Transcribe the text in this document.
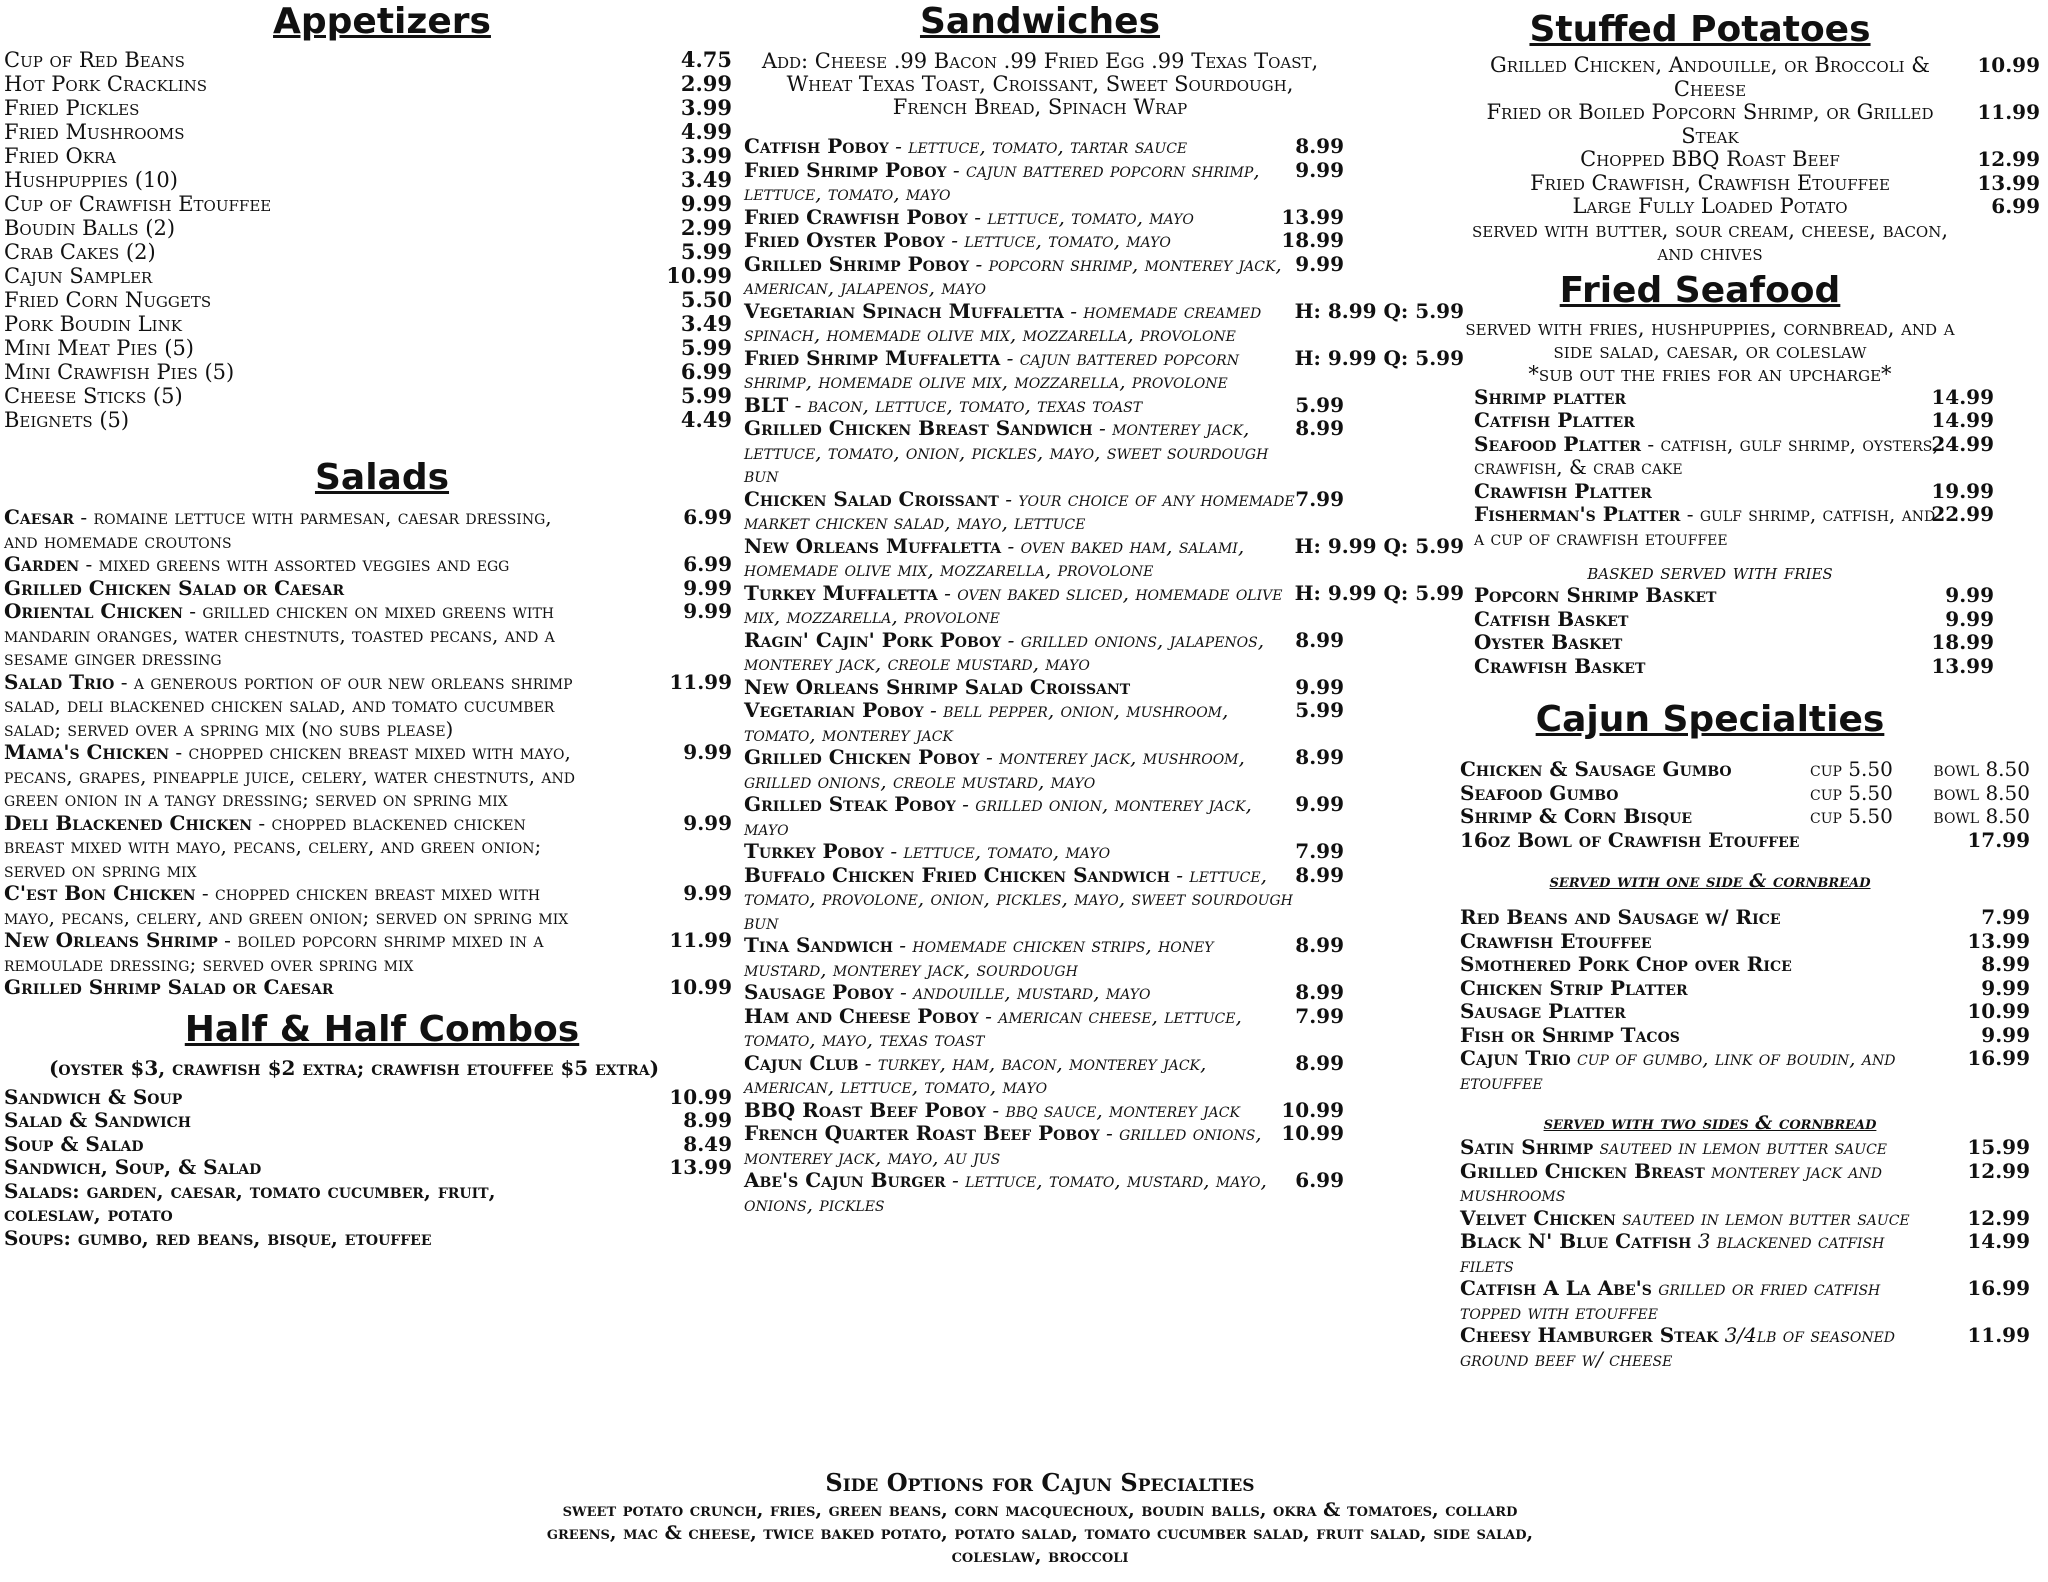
Appetizers
Cup of Red Beans	4.75
Hot Pork Cracklins	2.99
Fried Pickles	3.99
Fried Mushrooms	4.99
Fried Okra	3.99
Hushpuppies (10)	3.49
Cup of Crawfish Etouffee	9.99
Boudin Balls (2)	2.99
Crab Cakes (2)	5.99
Cajun Sampler	10.99
Fried Corn Nuggets	5.50
Pork Boudin Link	3.49
Mini Meat Pies (5)	5.99
Mini Crawfish Pies (5)	6.99
Cheese Sticks (5)	5.99
Beignets (5)	4.49
Salads
Caesar - romaine lettuce with parmesan, caesar dressing, and homemade croutons
6.99
Garden - mixed greens with assorted veggies and egg	6.99
Grilled Chicken Salad or Caesar	9.99
Oriental Chicken - grilled chicken on mixed greens with mandarin oranges, water chestnuts, toasted pecans, and a sesame ginger dressing
9.99
Salad Trio - a generous portion of our new orleans shrimp salad, deli blackened chicken salad, and tomato cucumber salad; served over a spring mix (no subs please)
11.99
Mama's Chicken - chopped chicken breast mixed with mayo, pecans, grapes, pineapple juice, celery, water chestnuts, and green onion in a tangy dressing; served on spring mix
9.99
Deli Blackened Chicken - chopped blackened chicken breast mixed with mayo, pecans, celery, and green onion; served on spring mix
9.99
C'est Bon Chicken - chopped chicken breast mixed with mayo, pecans, celery, and green onion; served on spring mix
9.99
New Orleans Shrimp - boiled popcorn shrimp mixed in a remoulade dressing; served over spring mix
11.99
Grilled Shrimp Salad or Caesar	10.99
Half & Half Combos
(oyster $3, crawfish $2 extra; crawfish etouffee $5 extra)
Sandwich & Soup	10.99
Salad & Sandwich	8.99
Soup & Salad	8.49
Sandwich, Soup, & Salad	13.99
Salads: garden, caesar, tomato cucumber, fruit, coleslaw, potato
Soups: gumbo, red beans, bisque, etouffee
Sandwiches
Add: Cheese .99 Bacon .99 Fried Egg .99 Texas Toast, Wheat Texas Toast, Croissant, Sweet Sourdough, French Bread, Spinach Wrap
Catfish Poboy - lettuce, tomato, tartar sauce	8.99
Fried Shrimp Poboy - cajun battered popcorn shrimp, lettuce, tomato, mayo
9.99
Fried Crawfish Poboy - lettuce, tomato, mayo	13.99
Fried Oyster Poboy - lettuce, tomato, mayo	18.99
Grilled Shrimp Poboy - popcorn shrimp, monterey jack, american, jalapenos, mayo
9.99
Vegetarian Spinach Muffaletta - homemade creamed spinach, homemade olive mix, mozzarella, provolone
H: 8.99 Q: 5.99
Fried Shrimp Muffaletta - cajun battered popcorn shrimp, homemade olive mix, mozzarella, provolone
H: 9.99 Q: 5.99
BLT - bacon, lettuce, tomato, texas toast	5.99
Grilled Chicken Breast Sandwich - monterey jack, lettuce, tomato, onion, pickles, mayo, sweet sourdough bun
8.99
Chicken Salad Croissant - your choice of any homemade market chicken salad, mayo, lettuce
7.99
New Orleans Muffaletta - oven baked ham, salami, homemade olive mix, mozzarella, provolone
H: 9.99 Q: 5.99
Turkey Muffaletta - oven baked sliced, homemade olive mix, mozzarella, provolone
H: 9.99 Q: 5.99
Ragin' Cajin' Pork Poboy - grilled onions, jalapenos, monterey jack, creole mustard, mayo
8.99
New Orleans Shrimp Salad Croissant	9.99
Vegetarian Poboy - bell pepper, onion, mushroom, tomato, monterey jack
5.99
Grilled Chicken Poboy - monterey jack, mushroom, grilled onions, creole mustard, mayo
8.99
Grilled Steak Poboy - grilled onion, monterey jack, mayo
9.99
Turkey Poboy - lettuce, tomato, mayo	7.99
Buffalo Chicken Fried Chicken Sandwich - lettuce, tomato, provolone, onion, pickles, mayo, sweet sourdough bun
8.99
Tina Sandwich - homemade chicken strips, honey mustard, monterey jack, sourdough
8.99
Sausage Poboy - andouille, mustard, mayo	8.99
Ham and Cheese Poboy - american cheese, lettuce, tomato, mayo, texas toast
7.99
Cajun Club - turkey, ham, bacon, monterey jack, american, lettuce, tomato, mayo
8.99
BBQ Roast Beef Poboy - bbq sauce, monterey jack	10.99
French Quarter Roast Beef Poboy - grilled onions, monterey jack, mayo, au jus
10.99
Abe's Cajun Burger - lettuce, tomato, mustard, mayo, onions, pickles
6.99
Stuffed Potatoes
Grilled Chicken, Andouille, or Broccoli & Cheese
10.99
Fried or Boiled Popcorn Shrimp, or Grilled Steak
11.99
Chopped BBQ Roast Beef	12.99
Fried Crawfish, Crawfish Etouffee	13.99
Large Fully Loaded Potato	6.99
served with butter, sour cream, cheese, bacon, and chives
Fried Seafood
served with fries, hushpuppies, cornbread, and a side salad, caesar, or coleslaw
*sub out the fries for an upcharge*
Shrimp platter	14.99
Catfish Platter	14.99
Seafood Platter - catfish, gulf shrimp, oysters, crawfish, & crab cake
24.99
Crawfish Platter	19.99
Fisherman's Platter - gulf shrimp, catfish, and a cup of crawfish etouffee
22.99
basked served with fries
Popcorn Shrimp Basket	9.99
Catfish Basket	9.99
Oyster Basket	18.99
Crawfish Basket	13.99
Cajun Specialties
Chicken & Sausage Gumbo	cup 5.50 bowl 8.50
Seafood Gumbo	cup 5.50 bowl 8.50
Shrimp & Corn Bisque	cup 5.50 bowl 8.50
16oz Bowl of Crawfish Etouffee	17.99
served with one side & cornbread
Red Beans and Sausage w/ Rice	7.99
Crawfish Etouffee	13.99
Smothered Pork Chop over Rice	8.99
Chicken Strip Platter	9.99
Sausage Platter	10.99
Fish or Shrimp Tacos	9.99
Cajun Trio cup of gumbo, link of boudin, and etouffee
16.99
served with two sides & cornbread
Satin Shrimp sauteed in lemon butter sauce	15.99
Grilled Chicken Breast monterey jack and mushrooms
12.99
Velvet Chicken sauteed in lemon butter sauce	12.99
Black N' Blue Catfish 3 blackened catfish filets
14.99
Catfish A La Abe's grilled or fried catfish topped with etouffee
16.99
Cheesy Hamburger Steak 3/4lb of seasoned ground beef w/ cheese
11.99
Side Options for Cajun Specialties
sweet potato crunch, fries, green beans, corn macquechoux, boudin balls, okra & tomatoes, collard greens, mac & cheese, twice baked potato, potato salad, tomato cucumber salad, fruit salad, side salad, coleslaw, broccoli
